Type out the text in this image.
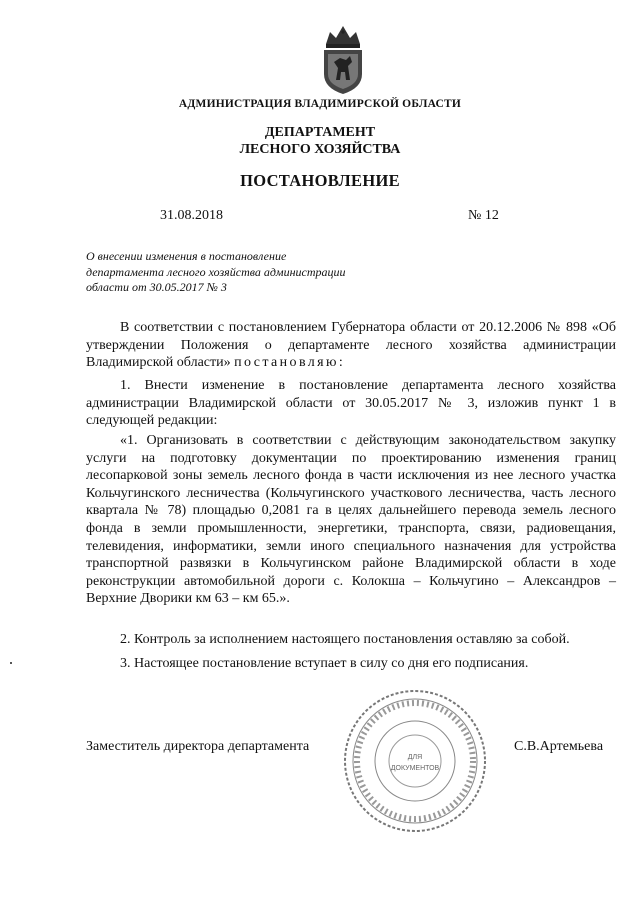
АДМИНИСТРАЦИЯ ВЛАДИМИРСКОЙ ОБЛАСТИ
ДЕПАРТАМЕНТ
ЛЕСНОГО ХОЗЯЙСТВА
ПОСТАНОВЛЕНИЕ
31.08.2018	№ 12
О внесении изменения в постановление
департамента лесного хозяйства администрации
области от 30.05.2017 № 3

В соответствии с постановлением Губернатора области от 20.12.2006 № 898 «Об утверждении Положения о департаменте лесного хозяйства администрации Владимирской области» постановляю:

1. Внести изменение в постановление департамента лесного хозяйства администрации Владимирской области от 30.05.2017 № 3, изложив пункт 1 в следующей редакции:

«1. Организовать в соответствии с действующим законодательством закупку услуги на подготовку документации по проектированию изменения границ лесопарковой зоны земель лесного фонда в части исключения из нее лесного участка Кольчугинского лесничества (Кольчугинского участкового лесничества, часть лесного квартала № 78) площадью 0,2081 га в целях дальнейшего перевода земель лесного фонда в земли промышленности, энергетики, транспорта, связи, радиовещания, телевидения, информатики, земли иного специального назначения для устройства транспортной развязки в Кольчугинском районе Владимирской области в ходе реконструкции автомобильной дороги с. Колокша – Кольчугино – Александров – Верхние Дворики км 63 – км 65.».

2. Контроль за исполнением настоящего постановления оставляю за собой.

3. Настоящее постановление вступает в силу со дня его подписания.

ДЛЯ
ДОКУМЕНТОВ
Заместитель директора департамента	С.В.Артемьева
